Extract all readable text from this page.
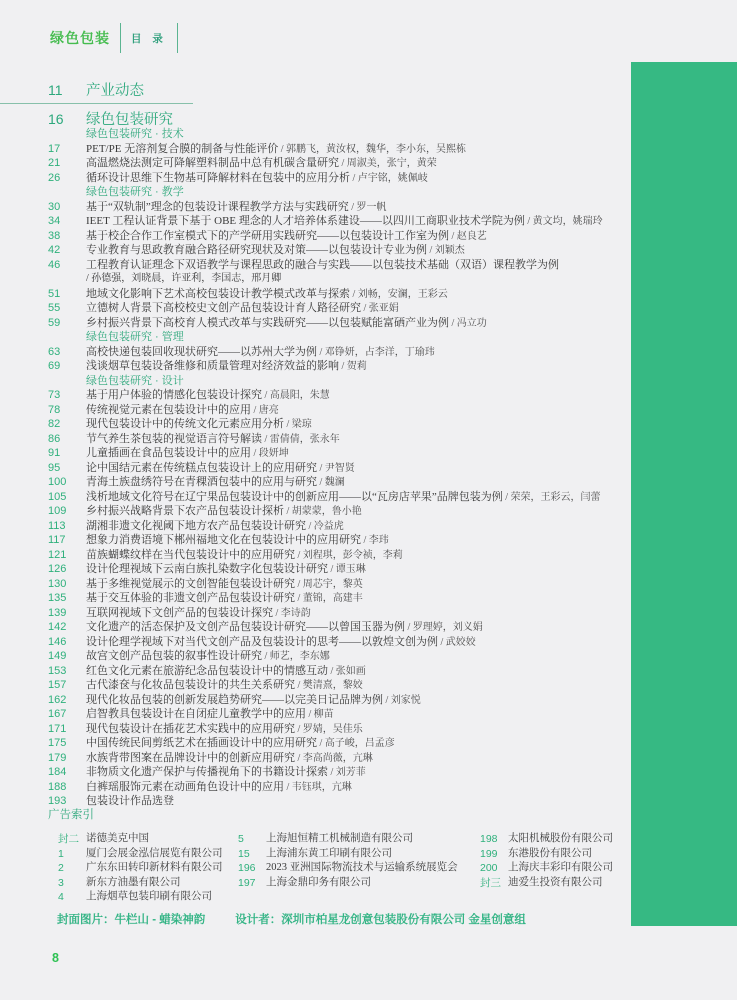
绿色包装 目 录
11	产业动态
16	绿色包装研究
绿色包装研究 · 技术
17	PET/PE 无溶剂复合膜的制备与性能评价 / 郭鹏飞，黄汝权，魏华，李小东，吴熙栋
21	高温燃烧法测定可降解塑料制品中总有机碳含量研究 / 周淑美，张宁，黄荣
26	循环设计思维下生物基可降解材料在包装中的应用分析 / 卢宇铭，姚佩岐
绿色包装研究 · 教学
30	基于“双轨制”理念的包装设计课程教学方法与实践研究 / 罗一帆
34	IEET 工程认证背景下基于 OBE 理念的人才培养体系建设——以四川工商职业技术学院为例 / 黄文均，姚瑞玲
38	基于校企合作工作室模式下的产学研用实践研究——以包装设计工作室为例 / 赵良艺
42	专业教育与思政教育融合路径研究现状及对策——以包装设计专业为例 / 刘颖杰
46	工程教育认证理念下双语教学与课程思政的融合与实践——以包装技术基础（双语）课程教学为例
/ 孙德强，刘晓晨，许亚利，李国志，邢月卿
51	地域文化影响下艺术高校包装设计教学模式改革与探索 / 刘畅，安澜，王彩云
55	立德树人背景下高校校史文创产品包装设计育人路径研究 / 张亚娟
59	乡村振兴背景下高校育人模式改革与实践研究——以包装赋能富硒产业为例 / 冯立功
绿色包装研究 · 管理
63	高校快递包装回收现状研究——以苏州大学为例 / 邓铮妍，占李洋，丁瑜玮
69	浅谈烟草包装设备维修和质量管理对经济效益的影响 / 贺莉
绿色包装研究 · 设计
73	基于用户体验的情感化包装设计探究 / 高晨阳，朱慧
78	传统视觉元素在包装设计中的应用 / 唐亮
82	现代包装设计中的传统文化元素应用分析 / 梁琼
86	节气养生茶包装的视觉语言符号解读 / 雷倩倩，张永年
91	儿童插画在食品包装设计中的应用 / 段妍坤
95	论中国结元素在传统糕点包装设计上的应用研究 / 尹智贤
100	青海土族盘绣符号在青稞酒包装中的应用与研究 / 魏澜
105	浅析地域文化符号在辽宁果品包装设计中的创新应用——以“瓦房店苹果”品牌包装为例 / 荣荣，王彩云，闫蕾
109	乡村振兴战略背景下农产品包装设计探析 / 胡蒙蒙，鲁小艳
113	湖湘非遗文化视阈下地方农产品包装设计研究 / 冷益虎
117	想象力消费语境下郴州福地文化在包装设计中的应用研究 / 李玮
121	苗族蝴蝶纹样在当代包装设计中的应用研究 / 刘程琪，彭令祯，李莉
126	设计伦理视域下云南白族扎染数字化包装设计研究 / 谭玉琳
130	基于多维视觉展示的文创智能包装设计研究 / 周芯宇，黎英
135	基于交互体验的非遗文创产品包装设计研究 / 董锦，高建丰
139	互联网视域下文创产品的包装设计探究 / 李诗韵
142	文化遗产的活态保护及文创产品包装设计研究——以曾国玉器为例 / 罗理婷，刘义娟
146	设计伦理学视域下对当代文创产品及包装设计的思考——以敦煌文创为例 / 武姣姣
149	故宫文创产品包装的叙事性设计研究 / 师艺，李东娜
153	红色文化元素在旅游纪念品包装设计中的情感互动 / 张如画
157	古代漆奁与化妆品包装设计的共生关系研究 / 樊清熹，黎姣
162	现代化妆品包装的创新发展趋势研究——以完美日记品牌为例 / 刘家悦
167	启智教具包装设计在自闭症儿童教学中的应用 / 柳苗
171	现代包装设计在插花艺术实践中的应用研究 / 罗婧，吴佳乐
175	中国传统民间剪纸艺术在插画设计中的应用研究 / 高子峻，吕孟彦
179	水族背带图案在品牌设计中的创新应用研究 / 李高尚薇，亢琳
184	非物质文化遗产保护与传播视角下的书籍设计探索 / 刘芳菲
188	白裤瑶服饰元素在动画角色设计中的应用 / 韦钰琪，亢琳
193	包装设计作品选登
广告索引
封二 诺德美克中国
1	厦门会展金泓信展览有限公司
2	广东东田转印新材料有限公司
3	新东方油墨有限公司
4	上海烟草包装印刷有限公司
5	上海旭恒精工机械制造有限公司
15	上海浦东黄工印刷有限公司
196 2023 亚洲国际物流技术与运输系统展览会
197 上海金鼎印务有限公司
198 太阳机械股份有限公司
199 东港股份有限公司
200 上海庆丰彩印有限公司
封三 迪爱生投资有限公司
封面图片：牛栏山 - 蜡染神韵	设计者：深圳市柏星龙创意包装股份有限公司 金星创意组
8
